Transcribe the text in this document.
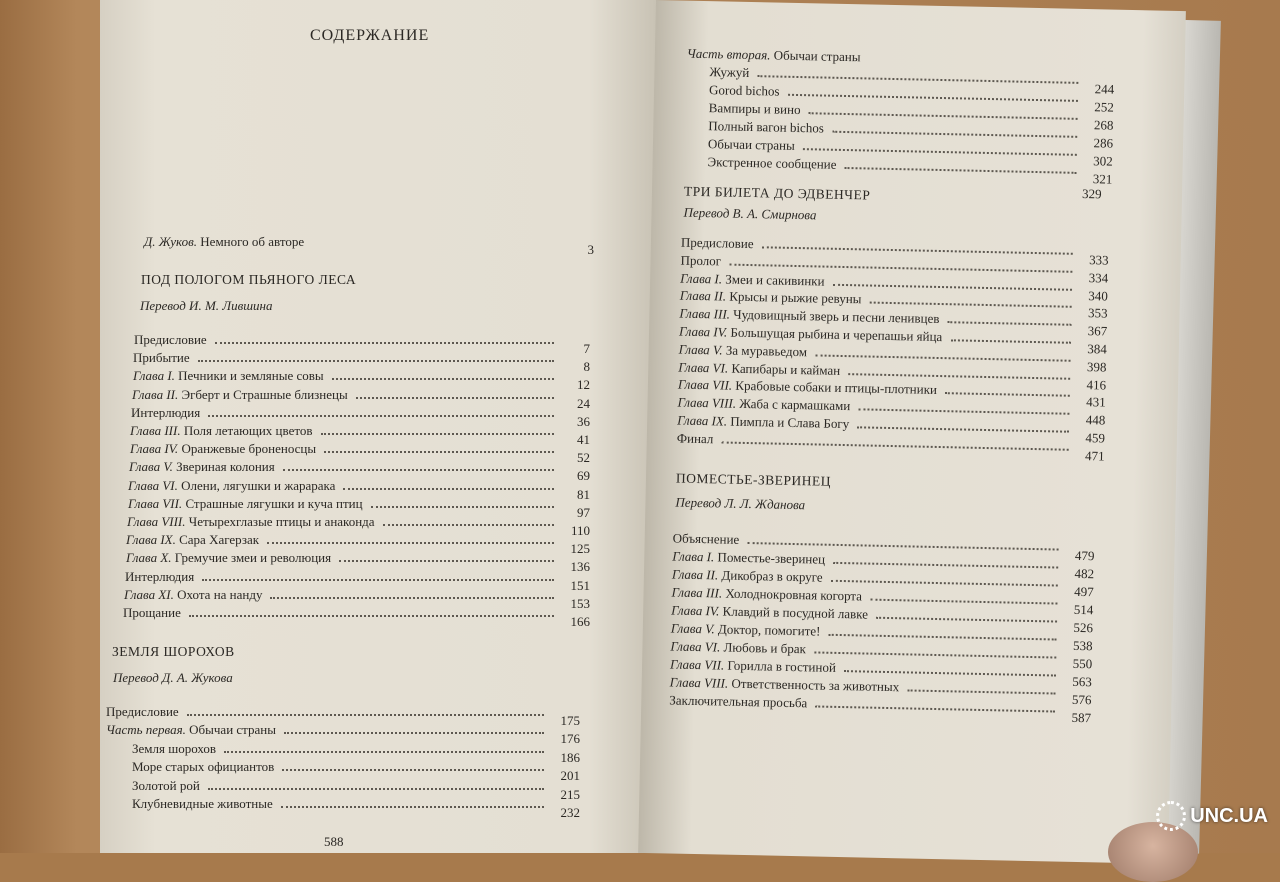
СОДЕРЖАНИЕ
Д. Жуков. Немного об авторе
3
ПОД ПОЛОГОМ ПЬЯНОГО ЛЕСА
Перевод И. М. Лившина
Предисловие
7
Прибытие
8
Глава I. Печники и земляные совы
12
Глава II. Эгберт и Страшные близнецы
24
Интерлюдия
36
Глава III. Поля летающих цветов
41
Глава IV. Оранжевые броненосцы
52
Глава V. Звериная колония
69
Глава VI. Олени, лягушки и жарарака
81
Глава VII. Страшные лягушки и куча птиц
97
Глава VIII. Четырехглазые птицы и анаконда
110
Глава IX. Сара Хагерзак
125
Глава X. Гремучие змеи и революция
136
Интерлюдия
151
Глава XI. Охота на нанду
153
Прощание
166
ЗЕМЛЯ ШОРОХОВ
Перевод Д. А. Жукова
Предисловие
175
Часть первая. Обычаи страны
176
Земля шорохов
186
Море старых официантов
201
Золотой рой
215
Клубневидные животные
232
588
Часть вторая. Обычаи страны
Жужуй
244
Gorod bichos
252
Вампиры и вино
268
Полный вагон bichos
286
Обычаи страны
302
Экстренное сообщение
321
329
ТРИ БИЛЕТА ДО ЭДВЕНЧЕР
Перевод В. А. Смирнова
Предисловие
333
Пролог
334
Глава I. Змеи и сакивинки
340
Глава II. Крысы и рыжие ревуны
353
Глава III. Чудовищный зверь и песни ленивцев
367
Глава IV. Большущая рыбина и черепашьи яйца
384
Глава V. За муравьедом
398
Глава VI. Капибары и кайман
416
Глава VII. Крабовые собаки и птицы-плотники
431
Глава VIII. Жаба с кармашками
448
Глава IX. Пимпла и Слава Богу
459
Финал
471
ПОМЕСТЬЕ-ЗВЕРИНЕЦ
Перевод Л. Л. Жданова
Объяснение
479
Глава I. Поместье-зверинец
482
Глава II. Дикобраз в округе
497
Глава III. Холоднокровная когорта
514
Глава IV. Клавдий в посудной лавке
526
Глава V. Доктор, помогите!
538
Глава VI. Любовь и брак
550
Глава VII. Горилла в гостиной
563
Глава VIII. Ответственность за животных
576
Заключительная просьба
587
UNC.UA
